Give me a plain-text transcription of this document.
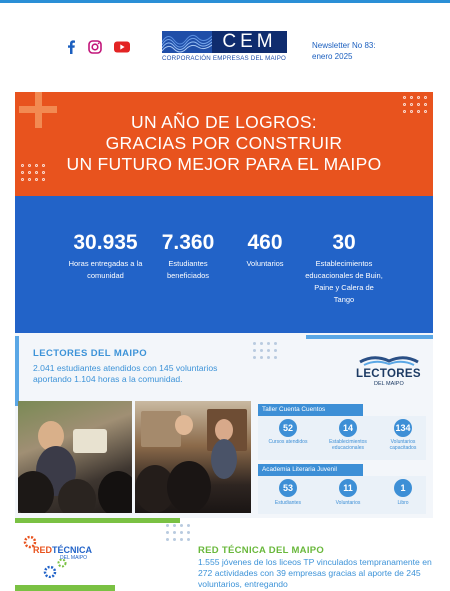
CEM
CORPORACIÓN EMPRESAS DEL MAIPO
Newsletter No 83:
enero 2025
UN AÑO DE LOGROS:
GRACIAS POR CONSTRUIR
UN FUTURO MEJOR PARA EL MAIPO
30.935
Horas entregadas a la comunidad
7.360
Estudiantes beneficiados
460
Voluntarios
30
Establecimientos educacionales de Buin, Paine y Calera de Tango
LECTORES DEL MAIPO
2.041 estudiantes atendidos con 145 voluntarios aportando 1.104 horas a la comunidad.	LECTORES
DEL MAIPO
Taller Cuenta Cuentos
52
Cursos atendidos
14
Establecimientos educacionales
134
Voluntarios capacitados
Academia Literaria Juvenil
53
Estudiantes
11
Voluntarios
1
Libro
REDTÉCNICA
DEL MAIPO
RED TÉCNICA DEL MAIPO
1.555 jóvenes de los liceos TP vinculados tempranamente en 272 actividades con 39 empresas gracias al aporte de 245 voluntarios, entregando
